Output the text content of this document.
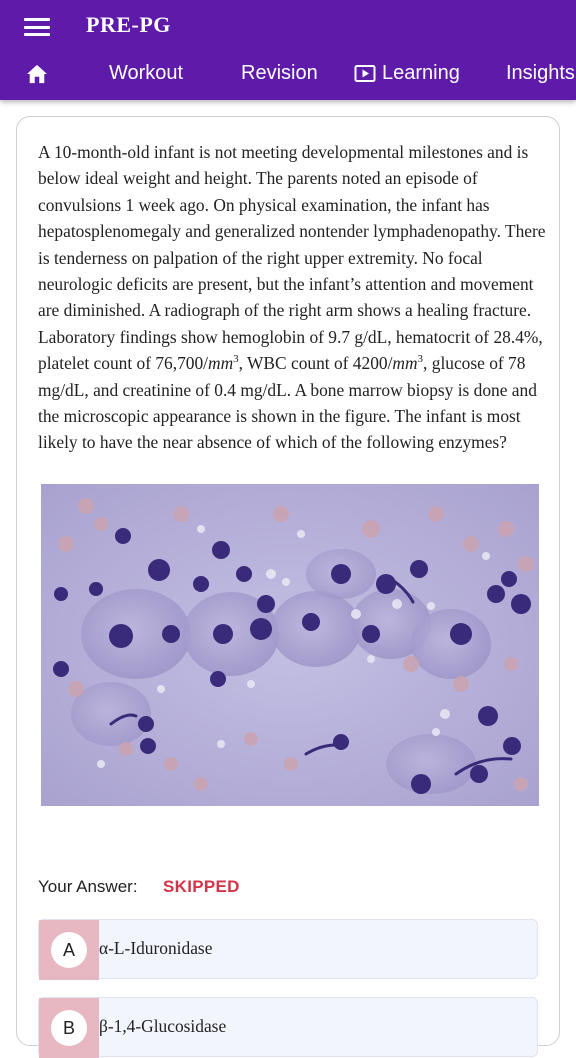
PRE-PG
Workout	Revision	Learning Insights
A 10-month-old infant is not meeting developmental milestones and is below ideal weight and height. The parents noted an episode of convulsions 1 week ago. On physical examination, the infant has hepatosplenomegaly and generalized nontender lymphadenopathy. There is tenderness on palpation of the right upper extremity. No focal neurologic deficits are present, but the infant’s attention and movement are diminished. A radiograph of the right arm shows a healing fracture. Laboratory findings show hemoglobin of 9.7 g/dL, hematocrit of 28.4%, platelet count of $76,700/mm^3$, WBC count of $4200/mm^3$, glucose of 78 mg/dL, and creatinine of 0.4 mg/dL. A bone marrow biopsy is done and the microscopic appearance is shown in the figure. The infant is most likely to have the near absence of which of the following enzymes?
Your Answer: SKIPPED
A	α-L-Iduronidase
B	β-1,4-Glucosidase
